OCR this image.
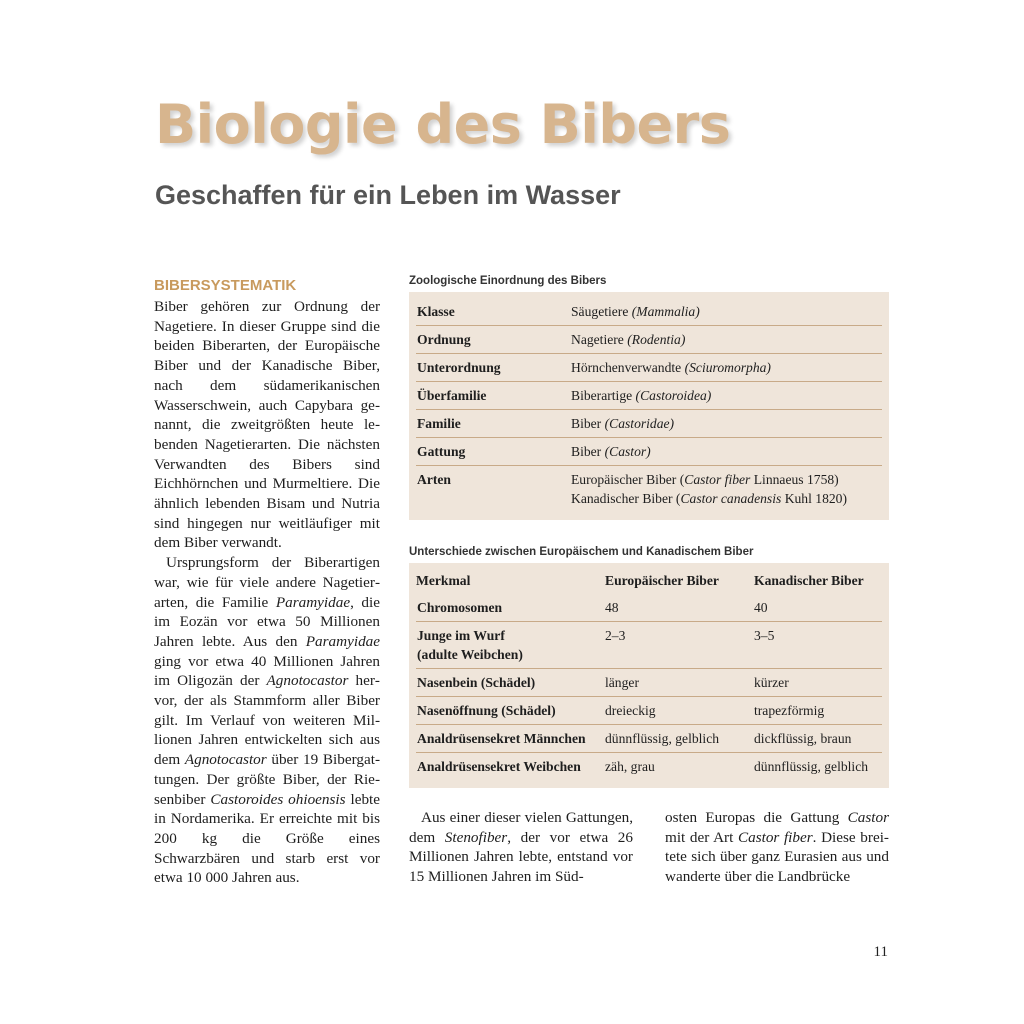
Biologie des Bibers
Geschaffen für ein Leben im Wasser
BIBERSYSTEMATIK

Biber gehören zur Ordnung der Nagetiere. In dieser Gruppe sind die beiden Biberarten, der Europäische Biber und der Kanadische Biber, nach dem südamerikanischen Wasserschwein, auch Capybara genannt, die zweitgrößten heute lebenden Nagetierarten. Die nächsten Verwandten des Bibers sind Eichhörnchen und Murmeltiere. Die ähnlich lebenden Bisam und Nutria sind hingegen nur weitläufiger mit dem Biber verwandt.

Ursprungsform der Biberartigen war, wie für viele andere Nagetierarten, die Familie Paramyidae, die im Eozän vor etwa 50 Millionen Jahren lebte. Aus den Paramyidae ging vor etwa 40 Millionen Jahren im Oligozän der Agnotocastor hervor, der als Stammform aller Biber gilt. Im Verlauf von weiteren Millionen Jahren entwickelten sich aus dem Agnotocastor über 19 Bibergattungen. Der größte Biber, der Riesenbiber Castoroides ohioensis lebte in Nordamerika. Er erreichte mit bis 200 kg die Größe eines Schwarzbären und starb erst vor etwa 10 000 Jahren aus.

Zoologische Einordnung des Bibers
Klasse	Säugetiere (Mammalia)
Ordnung	Nagetiere (Rodentia)
Unterordnung	Hörnchenverwandte (Sciuromorpha)
Überfamilie	Biberartige (Castoroidea)
Familie	Biber (Castoridae)
Gattung	Biber (Castor)
Arten	Europäischer Biber (Castor fiber Linnaeus 1758)
Kanadischer Biber (Castor canadensis Kuhl 1820)
Unterschiede zwischen Europäischem und Kanadischem Biber
Merkmal	Europäischer Biber	Kanadischer Biber
Chromosomen	48	40
Junge im Wurf
(adulte Weibchen)	2–3	3–5
Nasenbein (Schädel)	länger	kürzer
Nasenöffnung (Schädel)	dreieckig	trapezförmig
Analdrüsensekret Männchen	dünnflüssig, gelblich	dickflüssig, braun
Analdrüsensekret Weibchen	zäh, grau	dünnflüssig, gelblich

Aus einer dieser vielen Gattungen, dem Stenofiber, der vor etwa 26 Millionen Jahren lebte, entstand vor 15 Millionen Jahren im Süd-

osten Europas die Gattung Castor mit der Art Castor fiber. Diese breitete sich über ganz Eurasien aus und wanderte über die Landbrücke

11
